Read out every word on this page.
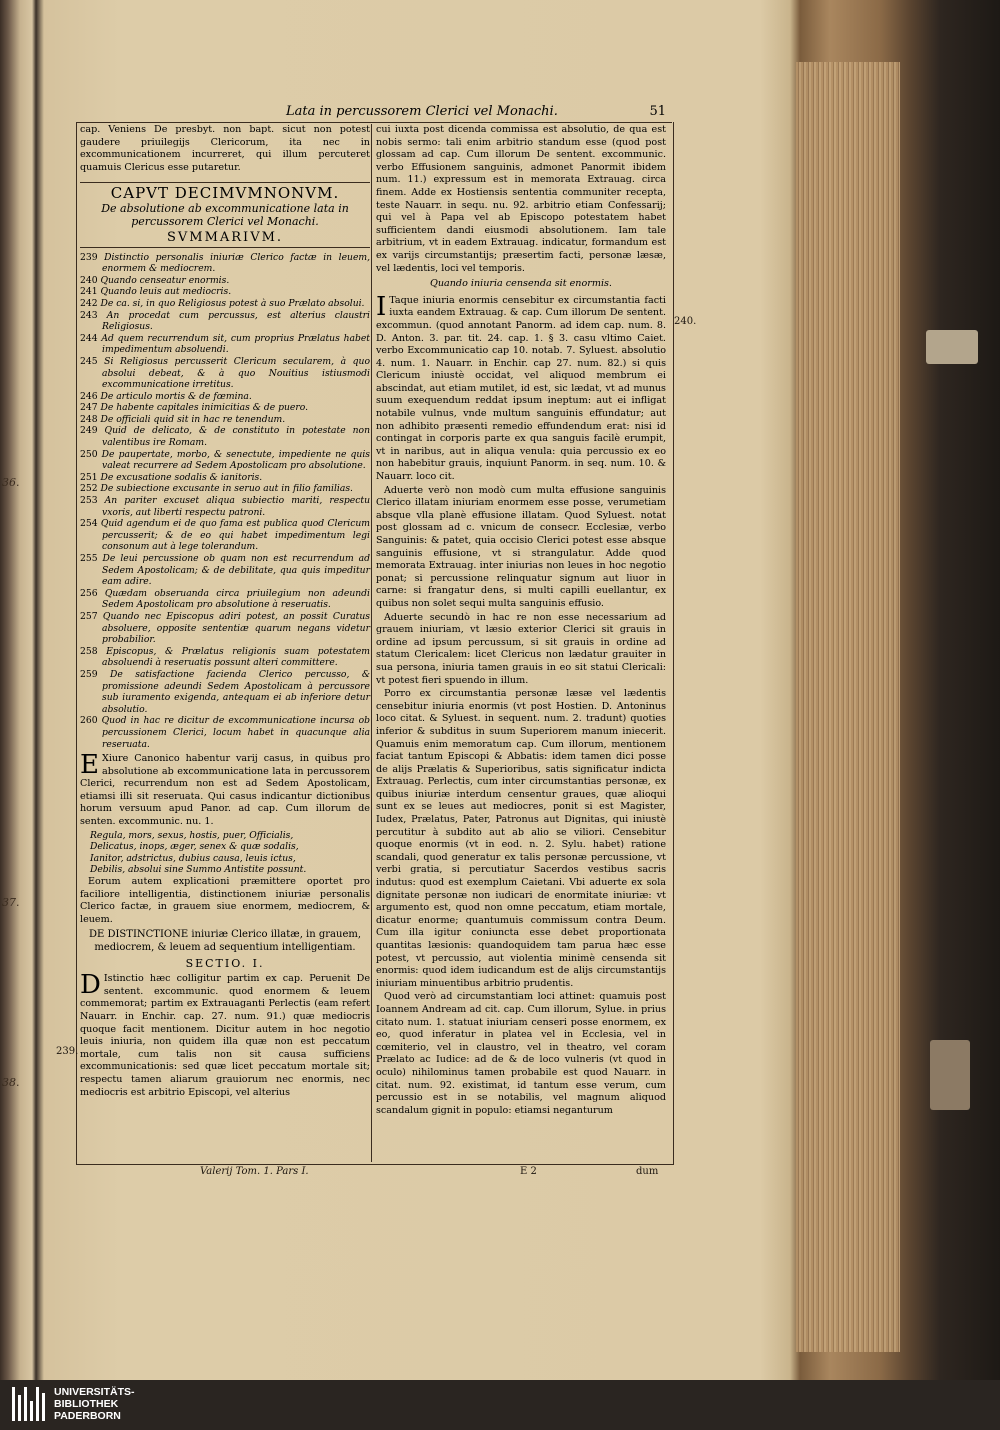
36.
37.
38.
Lata in percussorem Clerici vel Monachi.	51

cap. Veniens De presbyt. non bapt. sicut non potest gaudere priuilegijs Clericorum, ita nec in excommunicationem incurreret, qui illum percuteret quamuis Clericus esse putaretur.

CAPVT DECIMVMNONVM.
De absolutione ab excommunicatione lata in percussorem Clerici vel Monachi.
SVMMARIVM.

239 Distinctio personalis iniuriæ Clerico factæ in leuem, enormem & mediocrem.

240 Quando censeatur enormis.

241 Quando leuis aut mediocris.

242 De ca. si, in quo Religiosus potest à suo Prælato absolui.

243 An procedat cum percussus, est alterius claustri Religiosus.

244 Ad quem recurrendum sit, cum proprius Prælatus habet impedimentum absoluendi.

245 Si Religiosus percusserit Clericum secularem, à quo absolui debeat, & à quo Nouitius istiusmodi excommunicatione irretitus.

246 De articulo mortis & de fœmina.

247 De habente capitales inimicitias & de puero.

248 De officiali quid sit in hac re tenendum.

249 Quid de delicato, & de constituto in potestate non valentibus ire Romam.

250 De paupertate, morbo, & senectute, impediente ne quis valeat recurrere ad Sedem Apostolicam pro absolutione.

251 De excusatione sodalis & ianitoris.

252 De subiectione excusante in seruo aut in filio familias.

253 An pariter excuset aliqua subiectio mariti, respectu vxoris, aut liberti respectu patroni.

254 Quid agendum ei de quo fama est publica quod Clericum percusserit; & de eo qui habet impedimentum legi consonum aut à lege tolerandum.

255 De leui percussione ob quam non est recurrendum ad Sedem Apostolicam; & de debilitate, qua quis impeditur eam adire.

256 Quædam obseruanda circa priuilegium non adeundi Sedem Apostolicam pro absolutione à reseruatis.

257 Quando nec Episcopus adiri potest, an possit Curatus absoluere, opposite sententiæ quarum negans videtur probabilior.

258 Episcopus, & Prælatus religionis suam potestatem absoluendi à reseruatis possunt alteri committere.

259 De satisfactione facienda Clerico percusso, & promissione adeundi Sedem Apostolicam à percussore sub iuramento exigenda, antequam ei ab inferiore detur absolutio.

260 Quod in hac re dicitur de excommunicatione incursa ob percussionem Clerici, locum habet in quacunque alia reseruata.

E Xiure Canonico habentur varij casus, in quibus pro absolutione ab excommunicatione lata in percussorem Clerici, recurrendum non est ad Sedem Apostolicam, etiamsi illi sit reseruata. Qui casus indicantur dictionibus horum versuum apud Panor. ad cap. Cum illorum de senten. excommunic. nu. 1.

Regula, mors, sexus, hostis, puer, Officialis,
Delicatus, inops, æger, senex & quæ sodalis,
Ianitor, adstrictus, dubius causa, leuis ictus,
Debilis, absolui sine Summo Antistite possunt.

Eorum autem explicationi præmittere oportet pro faciliore intelligentia, distinctionem iniuriæ personalis Clerico factæ, in grauem siue enormem, mediocrem, & leuem.

DE DISTINCTIONE iniuriæ Clerico illatæ, in grauem, mediocrem, & leuem ad sequentium intelligentiam.
SECTIO. I.

D Istinctio hæc colligitur partim ex cap. Peruenit De sentent. excommunic. quod enormem & leuem commemorat; partim ex Extrauaganti Perlectis (eam refert Nauarr. in Enchir. cap. 27. num. 91.) quæ mediocris quoque facit mentionem. Dicitur autem in hoc negotio leuis iniuria, non quidem illa quæ non est peccatum mortale, cum talis non sit causa sufficiens excommunicationis: sed quæ licet peccatum mortale sit; respectu tamen aliarum grauiorum nec enormis, nec mediocris est arbitrio Episcopi, vel alterius

cui iuxta post dicenda commissa est absolutio, de qua est nobis sermo: tali enim arbitrio standum esse (quod post glossam ad cap. Cum illorum De sentent. excommunic. verbo Effusionem sanguinis, admonet Panormit ibidem num. 11.) expressum est in memorata Extrauag. circa finem. Adde ex Hostiensis sententia communiter recepta, teste Nauarr. in sequ. nu. 92. arbitrio etiam Confessarij; qui vel à Papa vel ab Episcopo potestatem habet sufficientem dandi eiusmodi absolutionem. Iam tale arbitrium, vt in eadem Extrauag. indicatur, formandum est ex varijs circumstantijs; præsertim facti, personæ læsæ, vel lædentis, loci vel temporis.

Quando iniuria censenda sit enormis.

I Taque iniuria enormis censebitur ex circumstantia facti iuxta eandem Extrauag. & cap. Cum illorum De sentent. excommun. (quod annotant Panorm. ad idem cap. num. 8. D. Anton. 3. par. tit. 24. cap. 1. § 3. casu vltimo Caiet. verbo Excommunicatio cap 10. notab. 7. Syluest. absolutio 4. num. 1. Nauarr. in Enchir. cap 27. num. 82.) si quis Clericum iniustè occidat, vel aliquod membrum ei abscindat, aut etiam mutilet, id est, sic lædat, vt ad munus suum exequendum reddat ipsum ineptum: aut ei infligat notabile vulnus, vnde multum sanguinis effundatur; aut non adhibito præsenti remedio effundendum erat: nisi id contingat in corporis parte ex qua sanguis facilè erumpit, vt in naribus, aut in aliqua venula: quia percussio ex eo non habebitur grauis, inquiunt Panorm. in seq. num. 10. & Nauarr. loco cit.

Aduerte verò non modò cum multa effusione sanguinis Clerico illatam iniuriam enormem esse posse, verumetiam absque vlla planè effusione illatam. Quod Syluest. notat post glossam ad c. vnicum de consecr. Ecclesiæ, verbo Sanguinis: & patet, quia occisio Clerici potest esse absque sanguinis effusione, vt si strangulatur. Adde quod memorata Extrauag. inter iniurias non leues in hoc negotio ponat; si percussione relinquatur signum aut liuor in carne: si frangatur dens, si multi capilli euellantur, ex quibus non solet sequi multa sanguinis effusio.

Aduerte secundò in hac re non esse necessarium ad grauem iniuriam, vt læsio exterior Clerici sit grauis in ordine ad ipsum percussum, si sit grauis in ordine ad statum Clericalem: licet Clericus non lædatur grauiter in sua persona, iniuria tamen grauis in eo sit statui Clericali: vt potest fieri spuendo in illum.

Porro ex circumstantia personæ læsæ vel lædentis censebitur iniuria enormis (vt post Hostien. D. Antoninus loco citat. & Syluest. in sequent. num. 2. tradunt) quoties inferior & subditus in suum Superiorem manum iniecerit. Quamuis enim memoratum cap. Cum illorum, mentionem faciat tantum Episcopi & Abbatis: idem tamen dici posse de alijs Prælatis & Superioribus, satis significatur indicta Extrauag. Perlectis, cum inter circumstantias personæ, ex quibus iniuriæ interdum censentur graues, quæ alioqui sunt ex se leues aut mediocres, ponit si est Magister, Iudex, Prælatus, Pater, Patronus aut Dignitas, qui iniustè percutitur à subdito aut ab alio se viliori. Censebitur quoque enormis (vt in eod. n. 2. Sylu. habet) ratione scandali, quod generatur ex talis personæ percussione, vt verbi gratia, si percutiatur Sacerdos vestibus sacris indutus: quod est exemplum Caietani. Vbi aduerte ex sola dignitate personæ non iudicari de enormitate iniuriæ: vt argumento est, quod non omne peccatum, etiam mortale, dicatur enorme; quantumuis commissum contra Deum. Cum illa igitur coniuncta esse debet proportionata quantitas læsionis: quandoquidem tam parua hæc esse potest, vt percussio, aut violentia minimè censenda sit enormis: quod idem iudicandum est de alijs circumstantijs iniuriam minuentibus arbitrio prudentis.

Quod verò ad circumstantiam loci attinet: quamuis post Ioannem Andream ad cit. cap. Cum illorum, Sylue. in prius citato num. 1. statuat iniuriam censeri posse enormem, ex eo, quod inferatur in platea vel in Ecclesia, vel in cœmiterio, vel in claustro, vel in theatro, vel coram Prælato ac Iudice: ad de & de loco vulneris (vt quod in oculo) nihilominus tamen probabile est quod Nauarr. in citat. num. 92. existimat, id tantum esse verum, cum percussio est in se notabilis, vel magnum aliquod scandalum gignit in populo: etiamsi neganturum

240.
239.
Valerij Tom. 1. Pars I.	E 2	dum
UNIVERSITÄTS-
BIBLIOTHEK
PADERBORN
